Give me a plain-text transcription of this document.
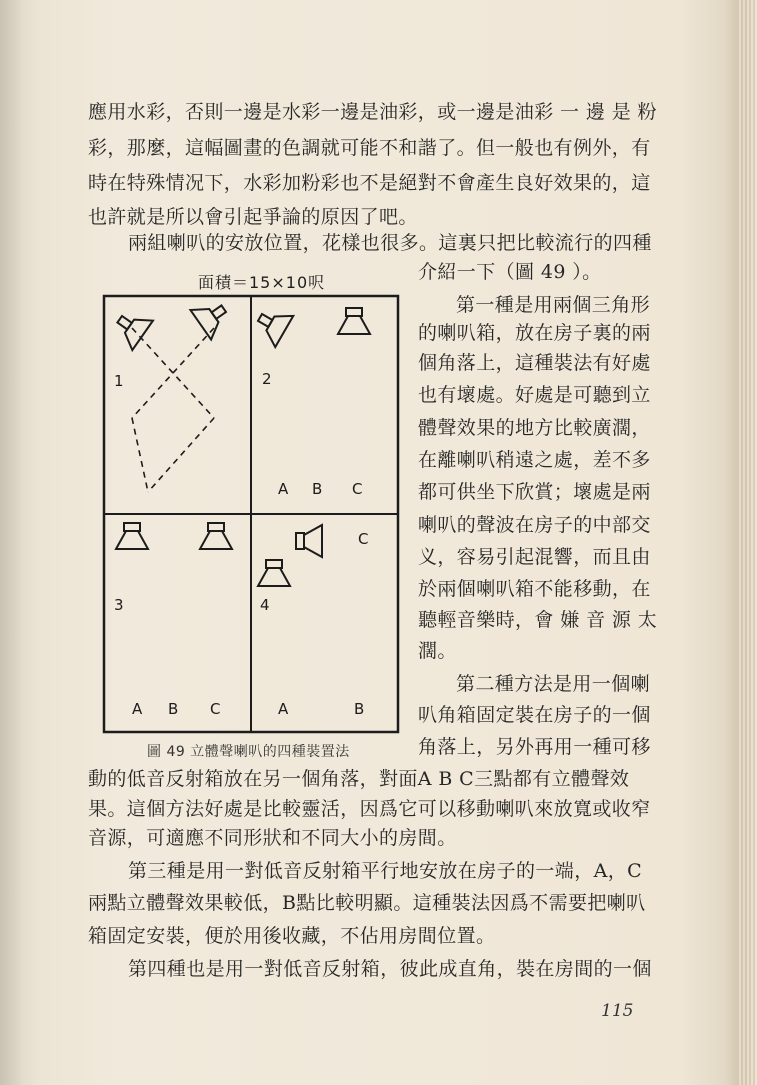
應用水彩，否則一邊是水彩一邊是油彩，或一邊是油彩 一 邊 是 粉
彩，那麼，這幅圖畫的色調就可能不和諧了。但一般也有例外，有
時在特殊情况下，水彩加粉彩也不是絕對不會產生良好效果的，這
也許就是所以會引起爭論的原因了吧。
兩組喇叭的安放位置，花樣也很多。這裏只把比較流行的四種
介紹一下（圖 49 ）。
面積＝15×10呎
1	2
3	4
A B C
A B C	A	B
C
圖 49 立體聲喇叭的四種裝置法
第一種是用兩個三角形
的喇叭箱，放在房子裏的兩
個角落上，這種裝法有好處
也有壞處。好處是可聽到立
體聲效果的地方比較廣濶，
在離喇叭稍遠之處，差不多
都可供坐下欣賞；壞處是兩
喇叭的聲波在房子的中部交
义，容易引起混響，而且由
於兩個喇叭箱不能移動，在
聽輕音樂時，會 嫌 音 源 太
濶。
第二種方法是用一個喇
叭角箱固定裝在房子的一個
角落上，另外再用一種可移
動的低音反射箱放在另一個角落，對面A B C三點都有立體聲效
果。這個方法好處是比較靈活，因爲它可以移動喇叭來放寬或收窄
音源，可適應不同形狀和不同大小的房間。
第三種是用一對低音反射箱平行地安放在房子的一端，A，C
兩點立體聲效果較低，B點比較明顯。這種裝法因爲不需要把喇叭
箱固定安裝，便於用後收藏，不佔用房間位置。
第四種也是用一對低音反射箱，彼此成直角，裝在房間的一個
115
